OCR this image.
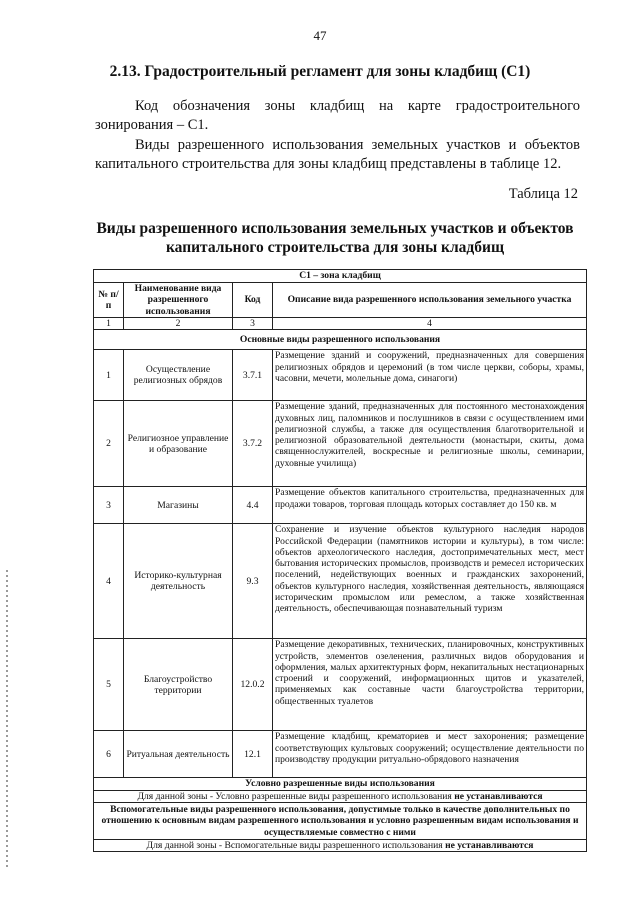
47
2.13. Градостроительный регламент для зоны кладбищ (С1)
Код обозначения зоны кладбищ на карте градостроительного зонирования – С1.
Виды разрешенного использования земельных участков и объектов капитального строительства для зоны кладбищ представлены в таблице 12.
Таблица 12
Виды разрешенного использования земельных участков и объектов капитального строительства для зоны кладбищ
С1 – зона кладбищ			
№ п/п	Наименование вида разрешенного использования	Код	Описание вида разрешенного использования земельного участка
1	2	3	4
Основные виды разрешенного использования			
1	Осуществление религиозных обрядов	3.7.1	Размещение зданий и сооружений, предназначенных для совершения религиозных обрядов и церемоний (в том числе церкви, соборы, храмы, часовни, мечети, молельные дома, синагоги)
2	Религиозное управление и образование	3.7.2	Размещение зданий, предназначенных для постоянного местонахождения духовных лиц, паломников и послушников в связи с осуществлением ими религиозной службы, а также для осуществления благотворительной и религиозной образовательной деятельности (монастыри, скиты, дома священнослужителей, воскресные и религиозные школы, семинарии, духовные училища)
3	Магазины	4.4	Размещение объектов капитального строительства, предназначенных для продажи товаров, торговая площадь которых составляет до 150 кв. м
4	Историко-культурная деятельность	9.3	Сохранение и изучение объектов культурного наследия народов Российской Федерации (памятников истории и культуры), в том числе: объектов археологического наследия, достопримечательных мест, мест бытования исторических промыслов, производств и ремесел исторических поселений, недействующих военных и гражданских захоронений, объектов культурного наследия, хозяйственная деятельность, являющаяся историческим промыслом или ремеслом, а также хозяйственная деятельность, обеспечивающая познавательный туризм
5	Благоустройство территории	12.0.2	Размещение декоративных, технических, планировочных, конструктивных устройств, элементов озеленения, различных видов оборудования и оформления, малых архитектурных форм, некапитальных нестационарных строений и сооружений, информационных щитов и указателей, применяемых как составные части благоустройства территории, общественных туалетов
6	Ритуальная деятельность	12.1	Размещение кладбищ, крематориев и мест захоронения; размещение соответствующих культовых сооружений; осуществление деятельности по производству продукции ритуально-обрядового назначения
Условно разрешенные виды использования			
Для данной зоны - Условно разрешенные виды разрешенного использования не устанавливаются			
Вспомогательные виды разрешенного использования, допустимые только в качестве дополнительных по отношению к основным видам разрешенного использования и условно разрешенным видам использования и осуществляемые совместно с ними			
Для данной зоны - Вспомогательные виды разрешенного использования не устанавливаются			
